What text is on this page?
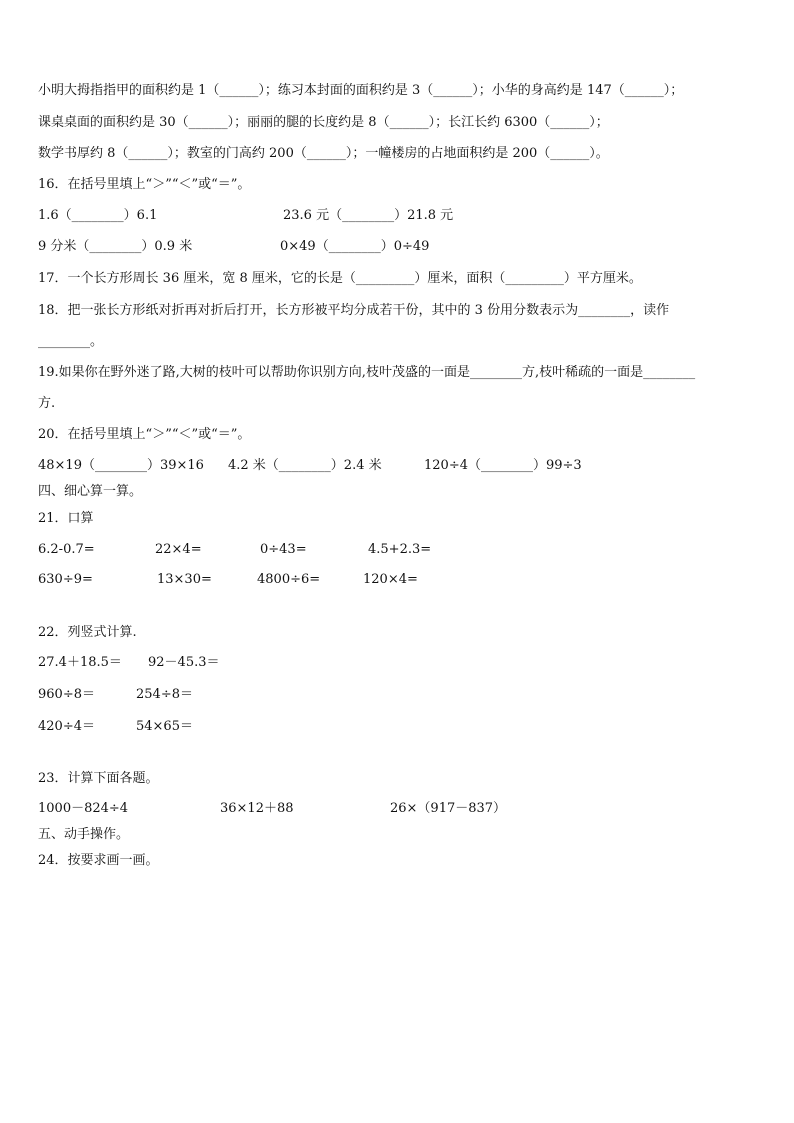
小明大拇指指甲的面积约是 1（______）；练习本封面的面积约是 3（______）；小华的身高约是 147（______）；
课桌桌面的面积约是 30（______）；丽丽的腿的长度约是 8（______）；长江长约 6300（______）；
数学书厚约 8（______）；教室的门高约 200（______）；一幢楼房的占地面积约是 200（______）。
16．在括号里填上“＞”“＜”或“＝”。
1.6（________）6.1	23.6 元（________）21.8 元
9 分米（________）0.9 米	0×49（________）0÷49
17．一个长方形周长 36 厘米，宽 8 厘米，它的长是（_________）厘米，面积（_________）平方厘米。
18．把一张长方形纸对折再对折后打开，长方形被平均分成若干份，其中的 3 份用分数表示为________，读作
________。
19.如果你在野外迷了路,大树的枝叶可以帮助你识别方向,枝叶茂盛的一面是________方,枝叶稀疏的一面是________
方.
20．在括号里填上“＞”“＜”或“＝”。
48×19（________）39×16 4.2 米（________）2.4 米	120÷4（________）99÷3
四、细心算一算。
21．口算
6.2-0.7=	22×4=	0÷43=	4.5+2.3=
630÷9=	13×30=	4800÷6=	120×4=
22．列竖式计算.
27.4＋18.5＝ 92－45.3＝
960÷8＝	254÷8＝
420÷4＝	54×65＝
23．计算下面各题。
1000－824÷4	36×12＋88	26×（917－837）
五、动手操作。
24．按要求画一画。
